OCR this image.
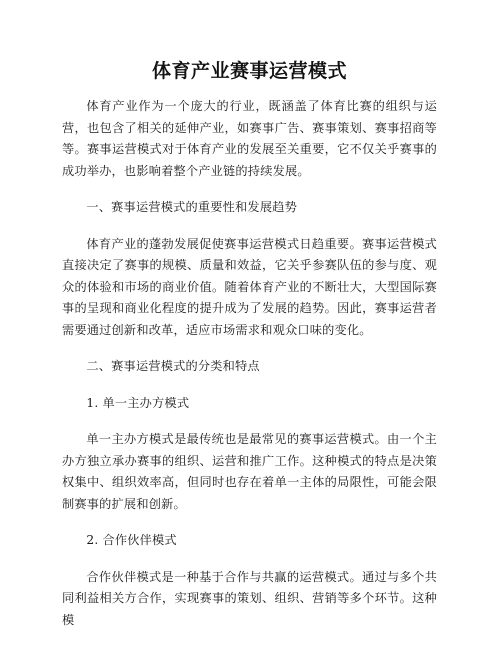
体育产业赛事运营模式

体育产业作为一个庞大的行业，既涵盖了体育比赛的组织与运营，也包含了相关的延伸产业，如赛事广告、赛事策划、赛事招商等等。赛事运营模式对于体育产业的发展至关重要，它不仅关乎赛事的成功举办，也影响着整个产业链的持续发展。

一、赛事运营模式的重要性和发展趋势

体育产业的蓬勃发展促使赛事运营模式日趋重要。赛事运营模式直接决定了赛事的规模、质量和效益，它关乎参赛队伍的参与度、观众的体验和市场的商业价值。随着体育产业的不断壮大，大型国际赛事的呈现和商业化程度的提升成为了发展的趋势。因此，赛事运营者需要通过创新和改革，适应市场需求和观众口味的变化。

二、赛事运营模式的分类和特点

1. 单一主办方模式

单一主办方模式是最传统也是最常见的赛事运营模式。由一个主办方独立承办赛事的组织、运营和推广工作。这种模式的特点是决策权集中、组织效率高，但同时也存在着单一主体的局限性，可能会限制赛事的扩展和创新。

2. 合作伙伴模式

合作伙伴模式是一种基于合作与共赢的运营模式。通过与多个共同利益相关方合作，实现赛事的策划、组织、营销等多个环节。这种模
